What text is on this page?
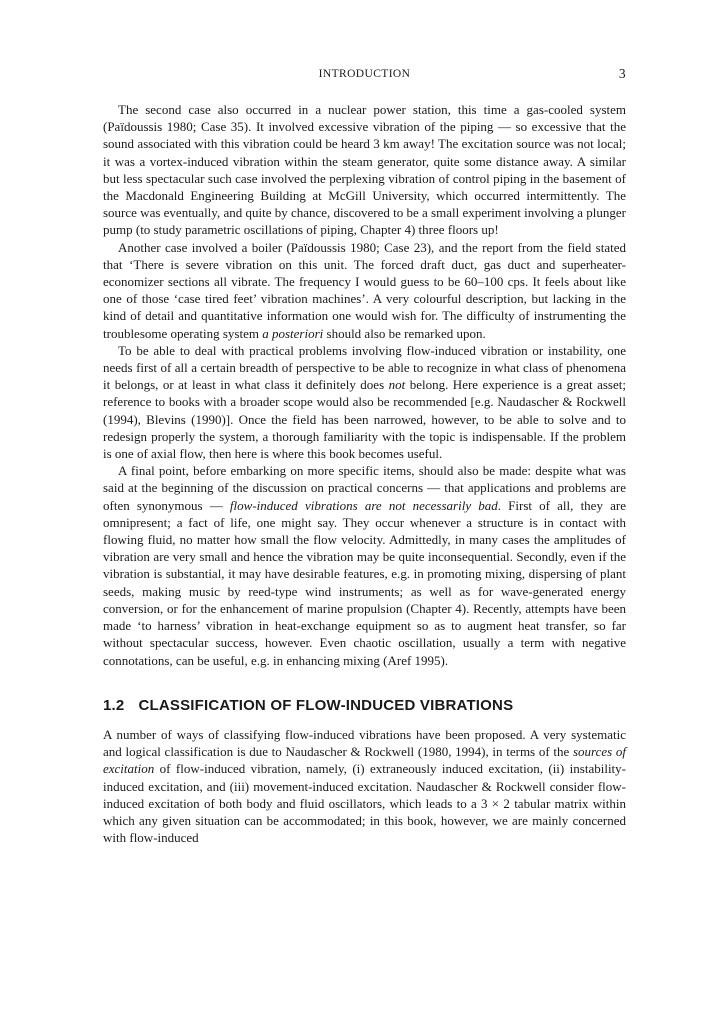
INTRODUCTION	3

The second case also occurred in a nuclear power station, this time a gas-cooled system (Païdoussis 1980; Case 35). It involved excessive vibration of the piping — so excessive that the sound associated with this vibration could be heard 3 km away! The excitation source was not local; it was a vortex-induced vibration within the steam generator, quite some distance away. A similar but less spectacular such case involved the perplexing vibration of control piping in the basement of the Macdonald Engineering Building at McGill University, which occurred intermittently. The source was eventually, and quite by chance, discovered to be a small experiment involving a plunger pump (to study parametric oscillations of piping, Chapter 4) three floors up!

Another case involved a boiler (Païdoussis 1980; Case 23), and the report from the field stated that ‘There is severe vibration on this unit. The forced draft duct, gas duct and superheater-economizer sections all vibrate. The frequency I would guess to be 60–100 cps. It feels about like one of those ‘case tired feet’ vibration machines’. A very colourful description, but lacking in the kind of detail and quantitative information one would wish for. The difficulty of instrumenting the troublesome operating system a posteriori should also be remarked upon.

To be able to deal with practical problems involving flow-induced vibration or instability, one needs first of all a certain breadth of perspective to be able to recognize in what class of phenomena it belongs, or at least in what class it definitely does not belong. Here experience is a great asset; reference to books with a broader scope would also be recommended [e.g. Naudascher & Rockwell (1994), Blevins (1990)]. Once the field has been narrowed, however, to be able to solve and to redesign properly the system, a thorough familiarity with the topic is indispensable. If the problem is one of axial flow, then here is where this book becomes useful.

A final point, before embarking on more specific items, should also be made: despite what was said at the beginning of the discussion on practical concerns — that applications and problems are often synonymous — flow-induced vibrations are not necessarily bad. First of all, they are omnipresent; a fact of life, one might say. They occur whenever a structure is in contact with flowing fluid, no matter how small the flow velocity. Admittedly, in many cases the amplitudes of vibration are very small and hence the vibration may be quite inconsequential. Secondly, even if the vibration is substantial, it may have desirable features, e.g. in promoting mixing, dispersing of plant seeds, making music by reed-type wind instruments; as well as for wave-generated energy conversion, or for the enhancement of marine propulsion (Chapter 4). Recently, attempts have been made ‘to harness’ vibration in heat-exchange equipment so as to augment heat transfer, so far without spectacular success, however. Even chaotic oscillation, usually a term with negative connotations, can be useful, e.g. in enhancing mixing (Aref 1995).

1.2 CLASSIFICATION OF FLOW-INDUCED VIBRATIONS

A number of ways of classifying flow-induced vibrations have been proposed. A very systematic and logical classification is due to Naudascher & Rockwell (1980, 1994), in terms of the sources of excitation of flow-induced vibration, namely, (i) extraneously induced excitation, (ii) instability-induced excitation, and (iii) movement-induced excitation. Naudascher & Rockwell consider flow-induced excitation of both body and fluid oscillators, which leads to a 3 × 2 tabular matrix within which any given situation can be accommodated; in this book, however, we are mainly concerned with flow-induced
